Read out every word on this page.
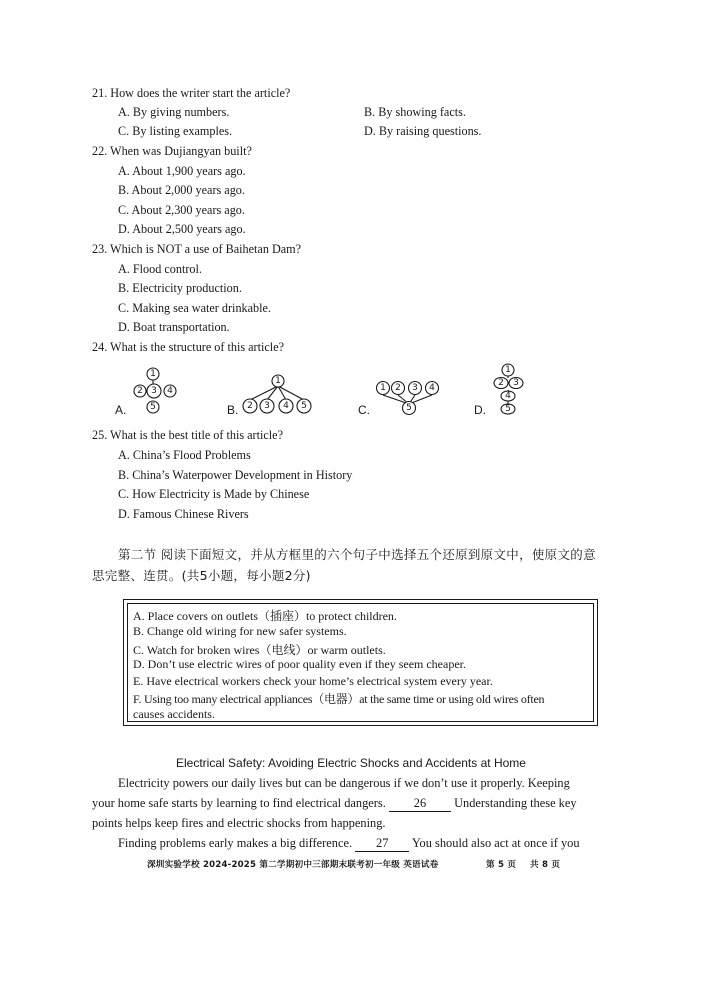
21. How does the writer start the article?
A. By giving numbers.	B. By showing facts.
C. By listing examples.	D. By raising questions.
22. When was Dujiangyan built?
A. About 1,900 years ago.
B. About 2,000 years ago.
C. About 2,300 years ago.
D. About 2,500 years ago.
23. Which is NOT a use of Baihetan Dam?
A. Flood control.
B. Electricity production.
C. Making sea water drinkable.
D. Boat transportation.
24. What is the structure of this article?
A.
1
2 3 4
5	B.
1
2 3 4 5	C.
1 2 3 4
5	D.
1
2 3
4
5
25. What is the best title of this article?
A. China’s Flood Problems
B. China’s Waterpower Development in History
C. How Electricity is Made by Chinese
D. Famous Chinese Rivers
第二节 阅读下面短文，并从方框里的六个句子中选择五个还原到原文中，使原文的意
思完整、连贯。(共5小题，每小题2分)
A. Place covers on outlets（插座）to protect children.
B. Change old wiring for new safer systems.
C. Watch for broken wires（电线）or warm outlets.
D. Don’t use electric wires of poor quality even if they seem cheaper.
E. Have electrical workers check your home’s electrical system every year.
F. Using too many electrical appliances（电器）at the same time or using old wires often
causes accidents.
Electrical Safety: Avoiding Electric Shocks and Accidents at Home
Electricity powers our daily lives but can be dangerous if we don’t use it properly. Keeping
your home safe starts by learning to find electrical dangers. 26 Understanding these key
points helps keep fires and electric shocks from happening.
Finding problems early makes a big difference. 27 You should also act at once if you
深圳实验学校 2024-2025 第二学期初中三部期末联考初一年级 英语试卷	第 5 页 共 8 页
